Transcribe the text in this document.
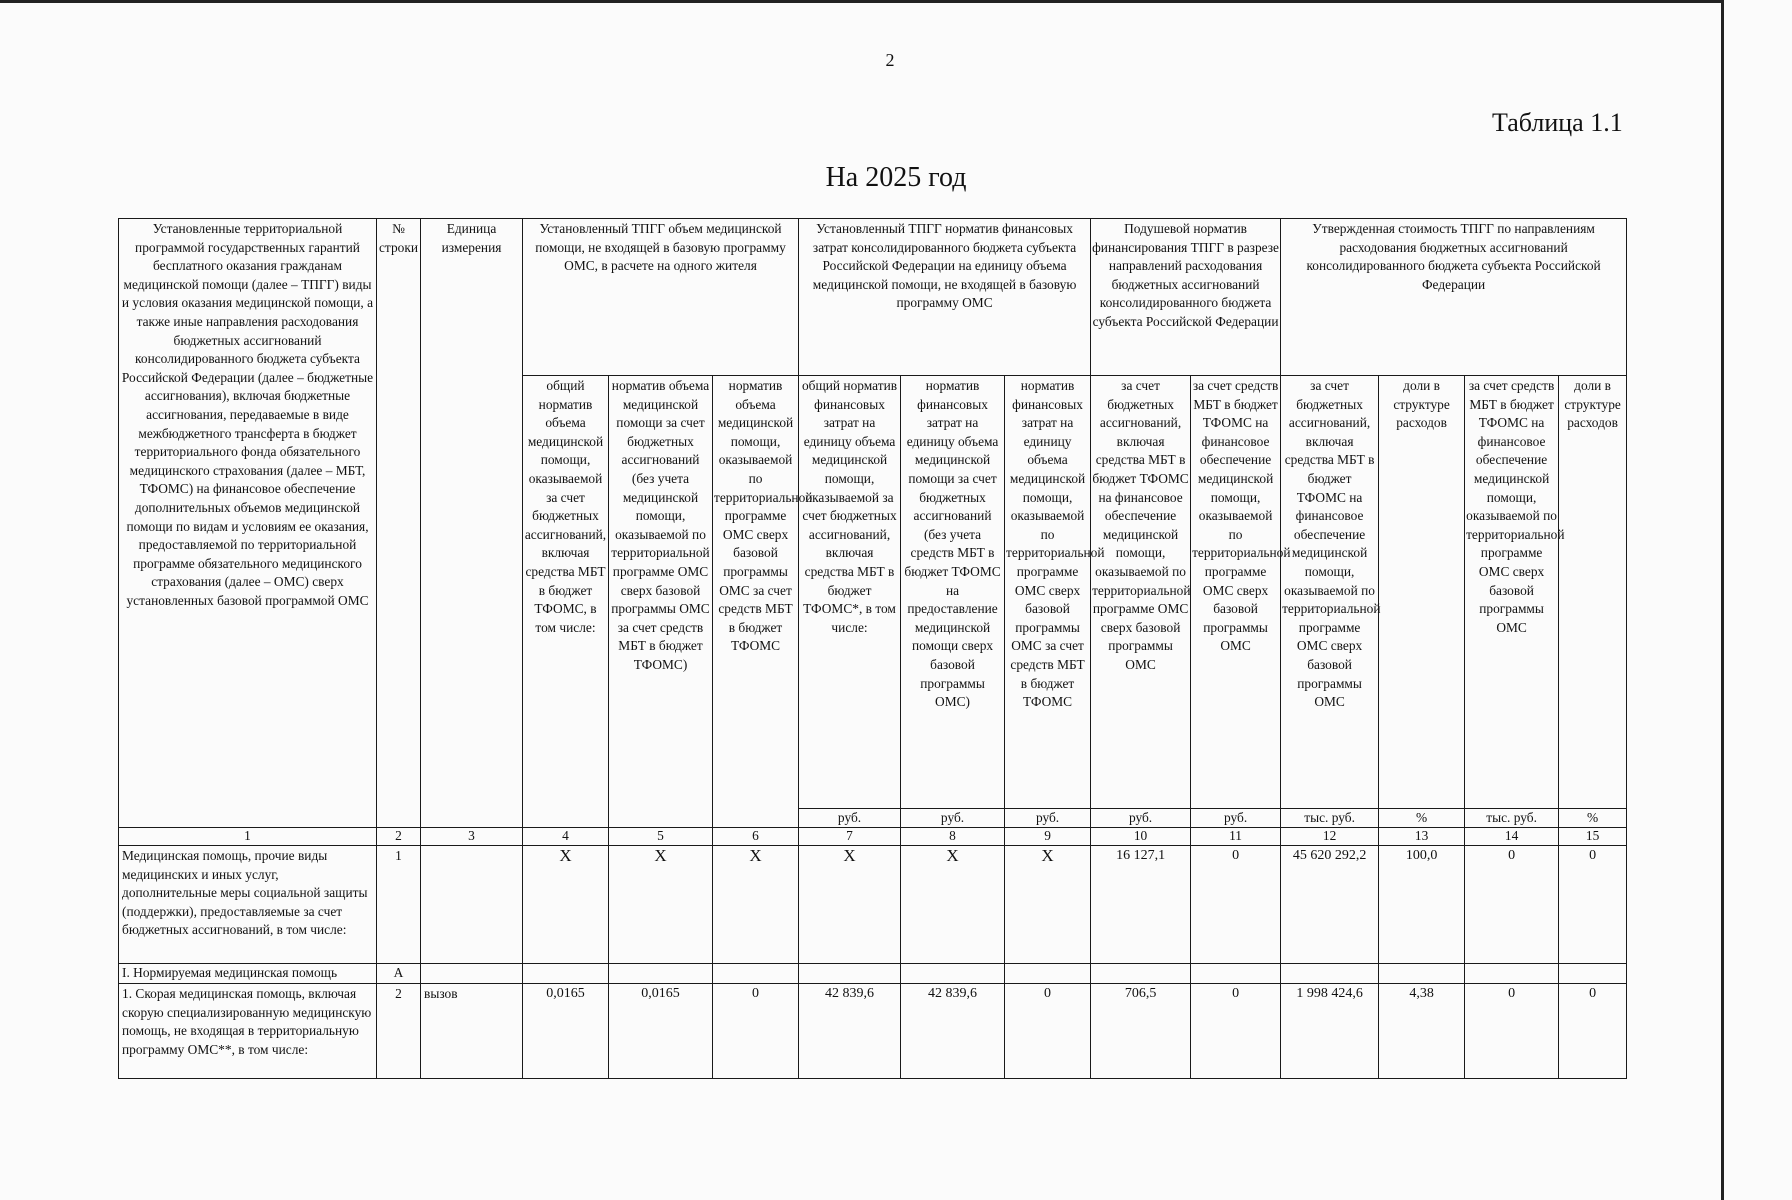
2
Таблица 1.1
На 2025 год
Установленные территориальной программой государственных гарантий бесплатного оказания гражданам медицинской помощи (далее – ТПГГ) виды и условия оказания медицинской помощи, а также иные направления расходования бюджетных ассигнований консолидированного бюджета субъекта Российской Федерации (далее – бюджетные ассигнования), включая бюджетные ассигнования, передаваемые в виде межбюджетного трансферта в бюджет территориального фонда обязательного медицинского страхования (далее – МБТ, ТФОМС) на финансовое обеспечение дополнительных объемов медицинской помощи по видам и условиям ее оказания, предоставляемой по территориальной программе обязательного медицинского страхования (далее – ОМС) сверх установленных базовой программой ОМС	№ строки	Единица измерения	Установленный ТПГГ объем медицинской помощи, не входящей в базовую программу ОМС, в расчете на одного жителя			Установленный ТПГГ норматив финансовых затрат консолидированного бюджета субъекта Российской Федерации на единицу объема медицинской помощи, не входящей в базовую программу ОМС			Подушевой норматив финансирования ТПГГ в разрезе направлений расходования бюджетных ассигнований консолидированного бюджета субъекта Российской Федерации		Утвержденная стоимость ТПГГ по направлениям расходования бюджетных ассигнований консолидированного бюджета субъекта Российской Федерации			
			общий норматив объема медицинской помощи, оказываемой за счет бюджетных ассигнований, включая средства МБТ в бюджет ТФОМС, в том числе:	норматив объема медицинской помощи за счет бюджетных ассигнований (без учета медицинской помощи, оказываемой по территориальной программе ОМС сверх базовой программы ОМС за счет средств МБТ в бюджет ТФОМС)	норматив объема медицинской помощи, оказываемой по территориальной программе ОМС сверх базовой программы ОМС за счет средств МБТ в бюджет ТФОМС	общий норматив финансовых затрат на единицу объема медицинской помощи, оказываемой за счет бюджетных ассигнований, включая средства МБТ в бюджет ТФОМС*, в том числе:	норматив финансовых затрат на единицу объема медицинской помощи за счет бюджетных ассигнований (без учета средств МБТ в бюджет ТФОМС на предоставление медицинской помощи сверх базовой программы ОМС)	норматив финансовых затрат на единицу объема медицинской помощи, оказываемой по территориальной программе ОМС сверх базовой программы ОМС за счет средств МБТ в бюджет ТФОМС	за счет бюджетных ассигнований, включая средства МБТ в бюджет ТФОМС на финансовое обеспечение медицинской помощи, оказываемой по территориальной программе ОМС сверх базовой программы ОМС	за счет средств МБТ в бюджет ТФОМС на финансовое обеспечение медицинской помощи, оказываемой по территориальной программе ОМС сверх базовой программы ОМС	за счет бюджетных ассигнований, включая средства МБТ в бюджет ТФОМС на финансовое обеспечение медицинской помощи, оказываемой по территориальной программе ОМС сверх базовой программы ОМС	доли в структуре расходов	за счет средств МБТ в бюджет ТФОМС на финансовое обеспечение медицинской помощи, оказываемой по территориальной программе ОМС сверх базовой программы ОМС	доли в структуре расходов
						руб.	руб.	руб.	руб.	руб.	тыс. руб.	%	тыс. руб.	%
1	2	3	4	5	6	7	8	9	10	11	12	13	14	15
Медицинская помощь, прочие виды медицинских и иных услуг, дополнительные меры социальной защиты (поддержки), предоставляемые за счет бюджетных ассигнований, в том числе:	1		X	X	X	X	X	X	16 127,1	0	45 620 292,2	100,0	0	0
I. Нормируемая медицинская помощь	А													
1. Скорая медицинская помощь, включая скорую специализированную медицинскую помощь, не входящая в территориальную программу ОМС**, в том числе:	2	вызов	0,0165	0,0165	0	42 839,6	42 839,6	0	706,5	0	1 998 424,6	4,38	0	0
